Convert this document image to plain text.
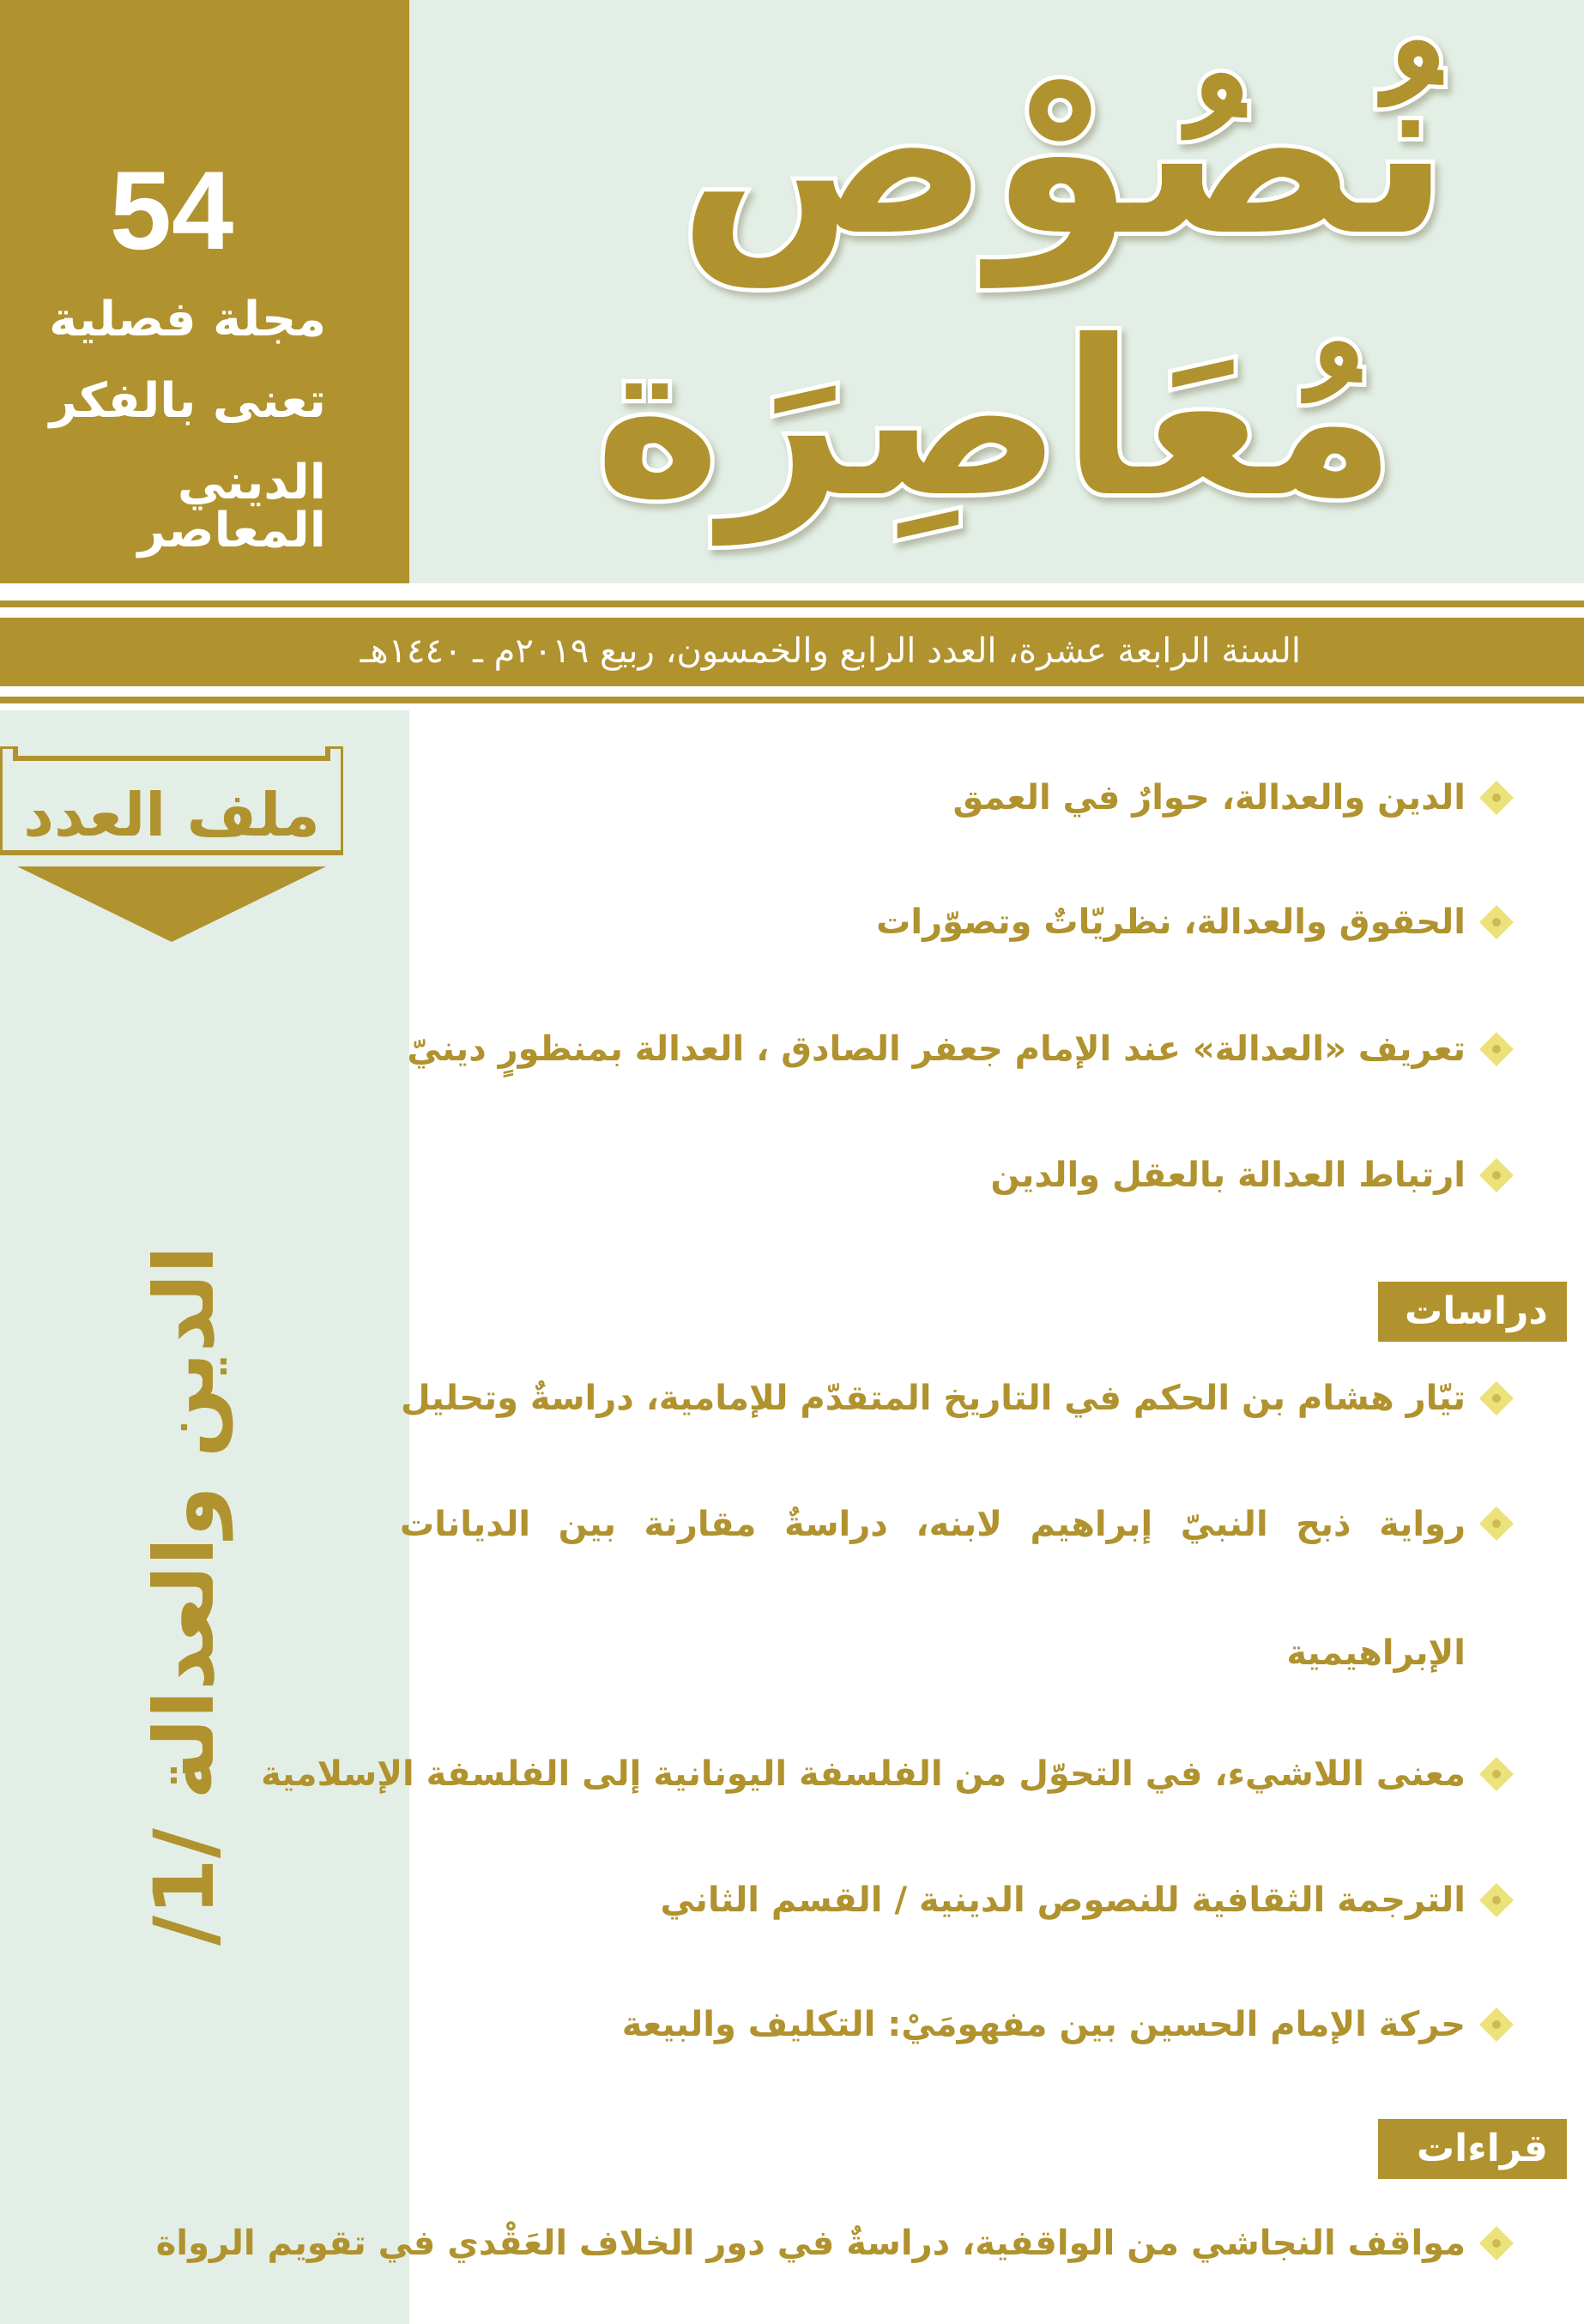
54
مجلة فصلية
تعنى بالفكر
الديني المعاصر
نُصُوْص
مُعَاصِرَة
السنة الرابعة عشرة، العدد الرابع والخمسون، ربيع ٢٠١٩م ـ ١٤٤٠هـ
ملف العدد
الدين والعدالة /1/
الدين والعدالة، حوارٌ في العمق
الحقوق والعدالة، نظريّاتٌ وتصوّرات
تعريف «العدالة» عند الإمام جعفر الصادق ، العدالة بمنظورٍ دينيّ
ارتباط العدالة بالعقل والدين
دراسات
تيّار هشام بن الحكم في التاريخ المتقدّم للإمامية، دراسةٌ وتحليل
رواية ذبح النبيّ إبراهيم لابنه، دراسةٌ مقارنة بين الديانات الإبراهيمية
معنى اللاشيء، في التحوّل من الفلسفة اليونانية إلى الفلسفة الإسلامية
الترجمة الثقافية للنصوص الدينية / القسم الثاني
حركة الإمام الحسين بين مفهومَيْ: التكليف والبيعة
قراءات
مواقف النجاشي من الواقفية، دراسةٌ في دور الخلاف العَقْدي في تقويم الرواة
